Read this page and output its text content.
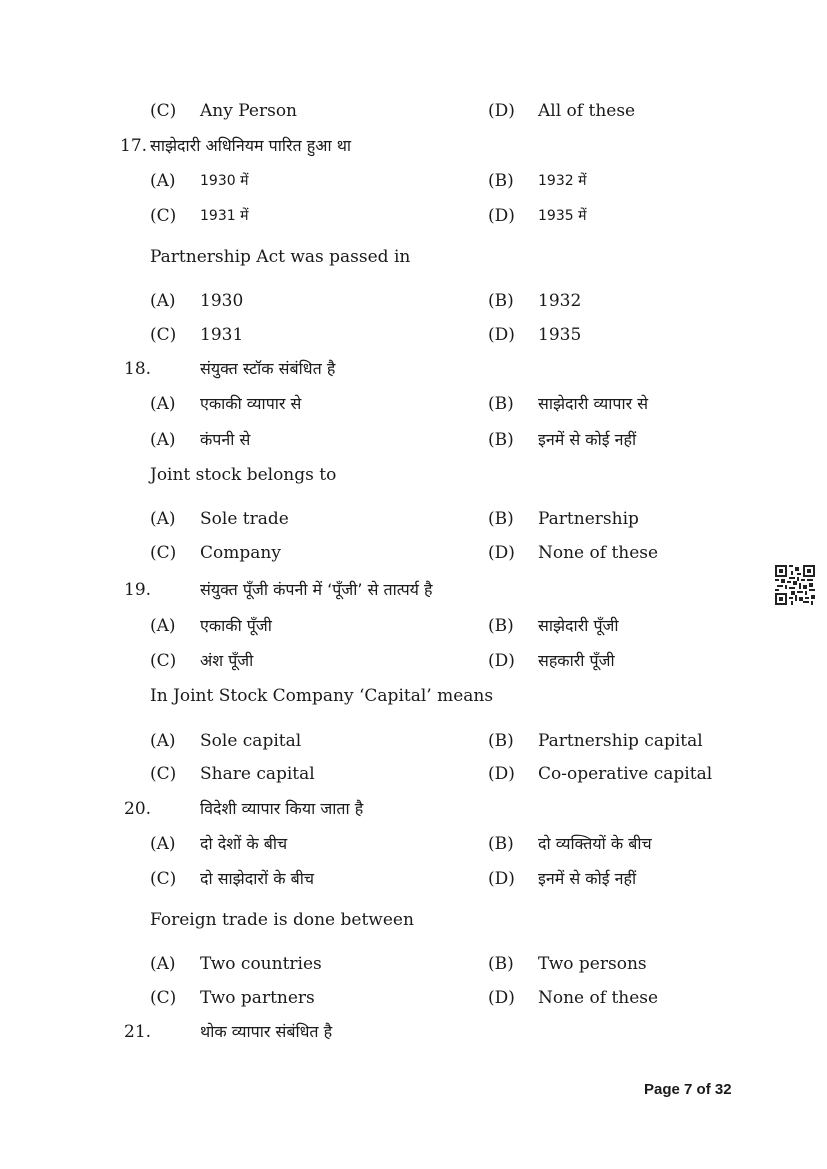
(C) Any Person	(D) All of these
17. साझेदारी अधिनियम पारित हुआ था
(A) 1930 में	(B) 1932 में
(C) 1931 में	(D) 1935 में
Partnership Act was passed in
(A) 1930	(B) 1932
(C) 1931	(D) 1935
18.	संयुक्त स्टॉक संबंधित है
(A) एकाकी व्यापार से	(B) साझेदारी व्यापार से
(A) कंपनी से	(B) इनमें से कोई नहीं
Joint stock belongs to
(A) Sole trade	(B) Partnership
(C) Company	(D) None of these
19.	संयुक्त पूँजी कंपनी में ‘पूँजी’ से तात्पर्य है
(A) एकाकी पूँजी	(B) साझेदारी पूँजी
(C) अंश पूँजी	(D) सहकारी पूँजी
In Joint Stock Company ‘Capital’ means
(A) Sole capital	(B) Partnership capital
(C) Share capital	(D) Co-operative capital
20.	विदेशी व्यापार किया जाता है
(A) दो देशों के बीच	(B) दो व्यक्तियों के बीच
(C) दो साझेदारों के बीच	(D) इनमें से कोई नहीं
Foreign trade is done between
(A) Two countries	(B) Two persons
(C) Two partners	(D) None of these
21.	थोक व्यापार संबंधित है
Page 7 of 32
